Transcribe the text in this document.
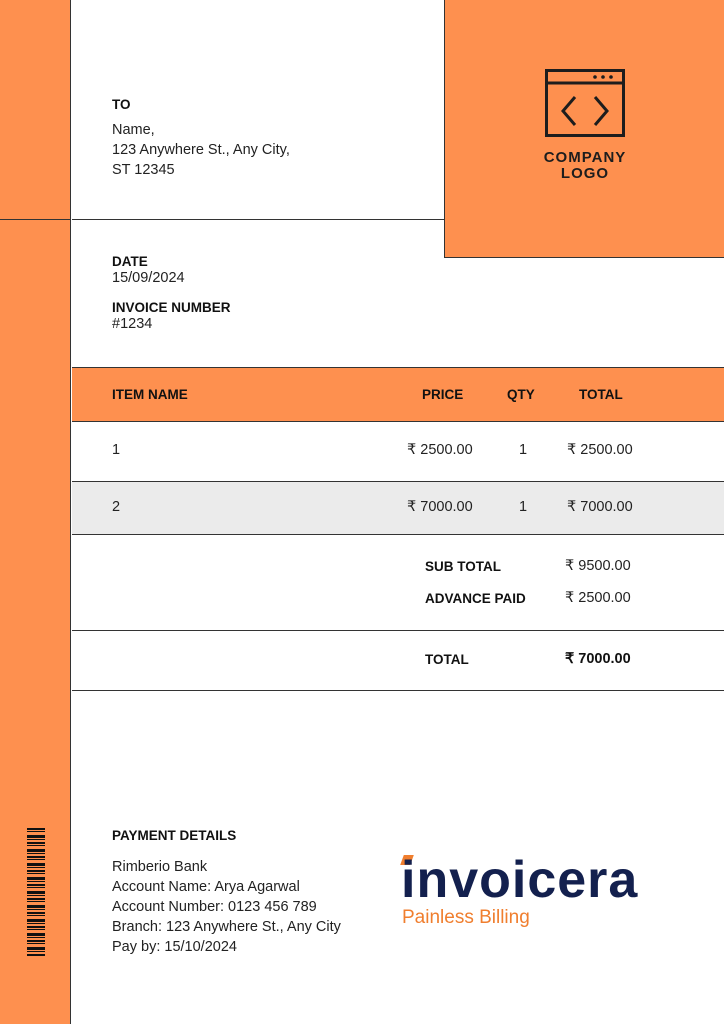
COMPANY
LOGO
TO
Name,
123 Anywhere St., Any City,
ST 12345
DATE
15/09/2024
INVOICE NUMBER
#1234
ITEM NAME	PRICE	QTY	TOTAL
1	₹ 2500.00	1	₹ 2500.00
2	₹ 7000.00	1	₹ 7000.00
SUB TOTAL	₹ 9500.00
ADVANCE PAID	₹ 2500.00
TOTAL	₹ 7000.00
PAYMENT DETAILS
Rimberio Bank
Account Name: Arya Agarwal
Account Number: 0123 456 789
Branch: 123 Anywhere St., Any City
Pay by: 15/10/2024
invoicera
Painless Billing
